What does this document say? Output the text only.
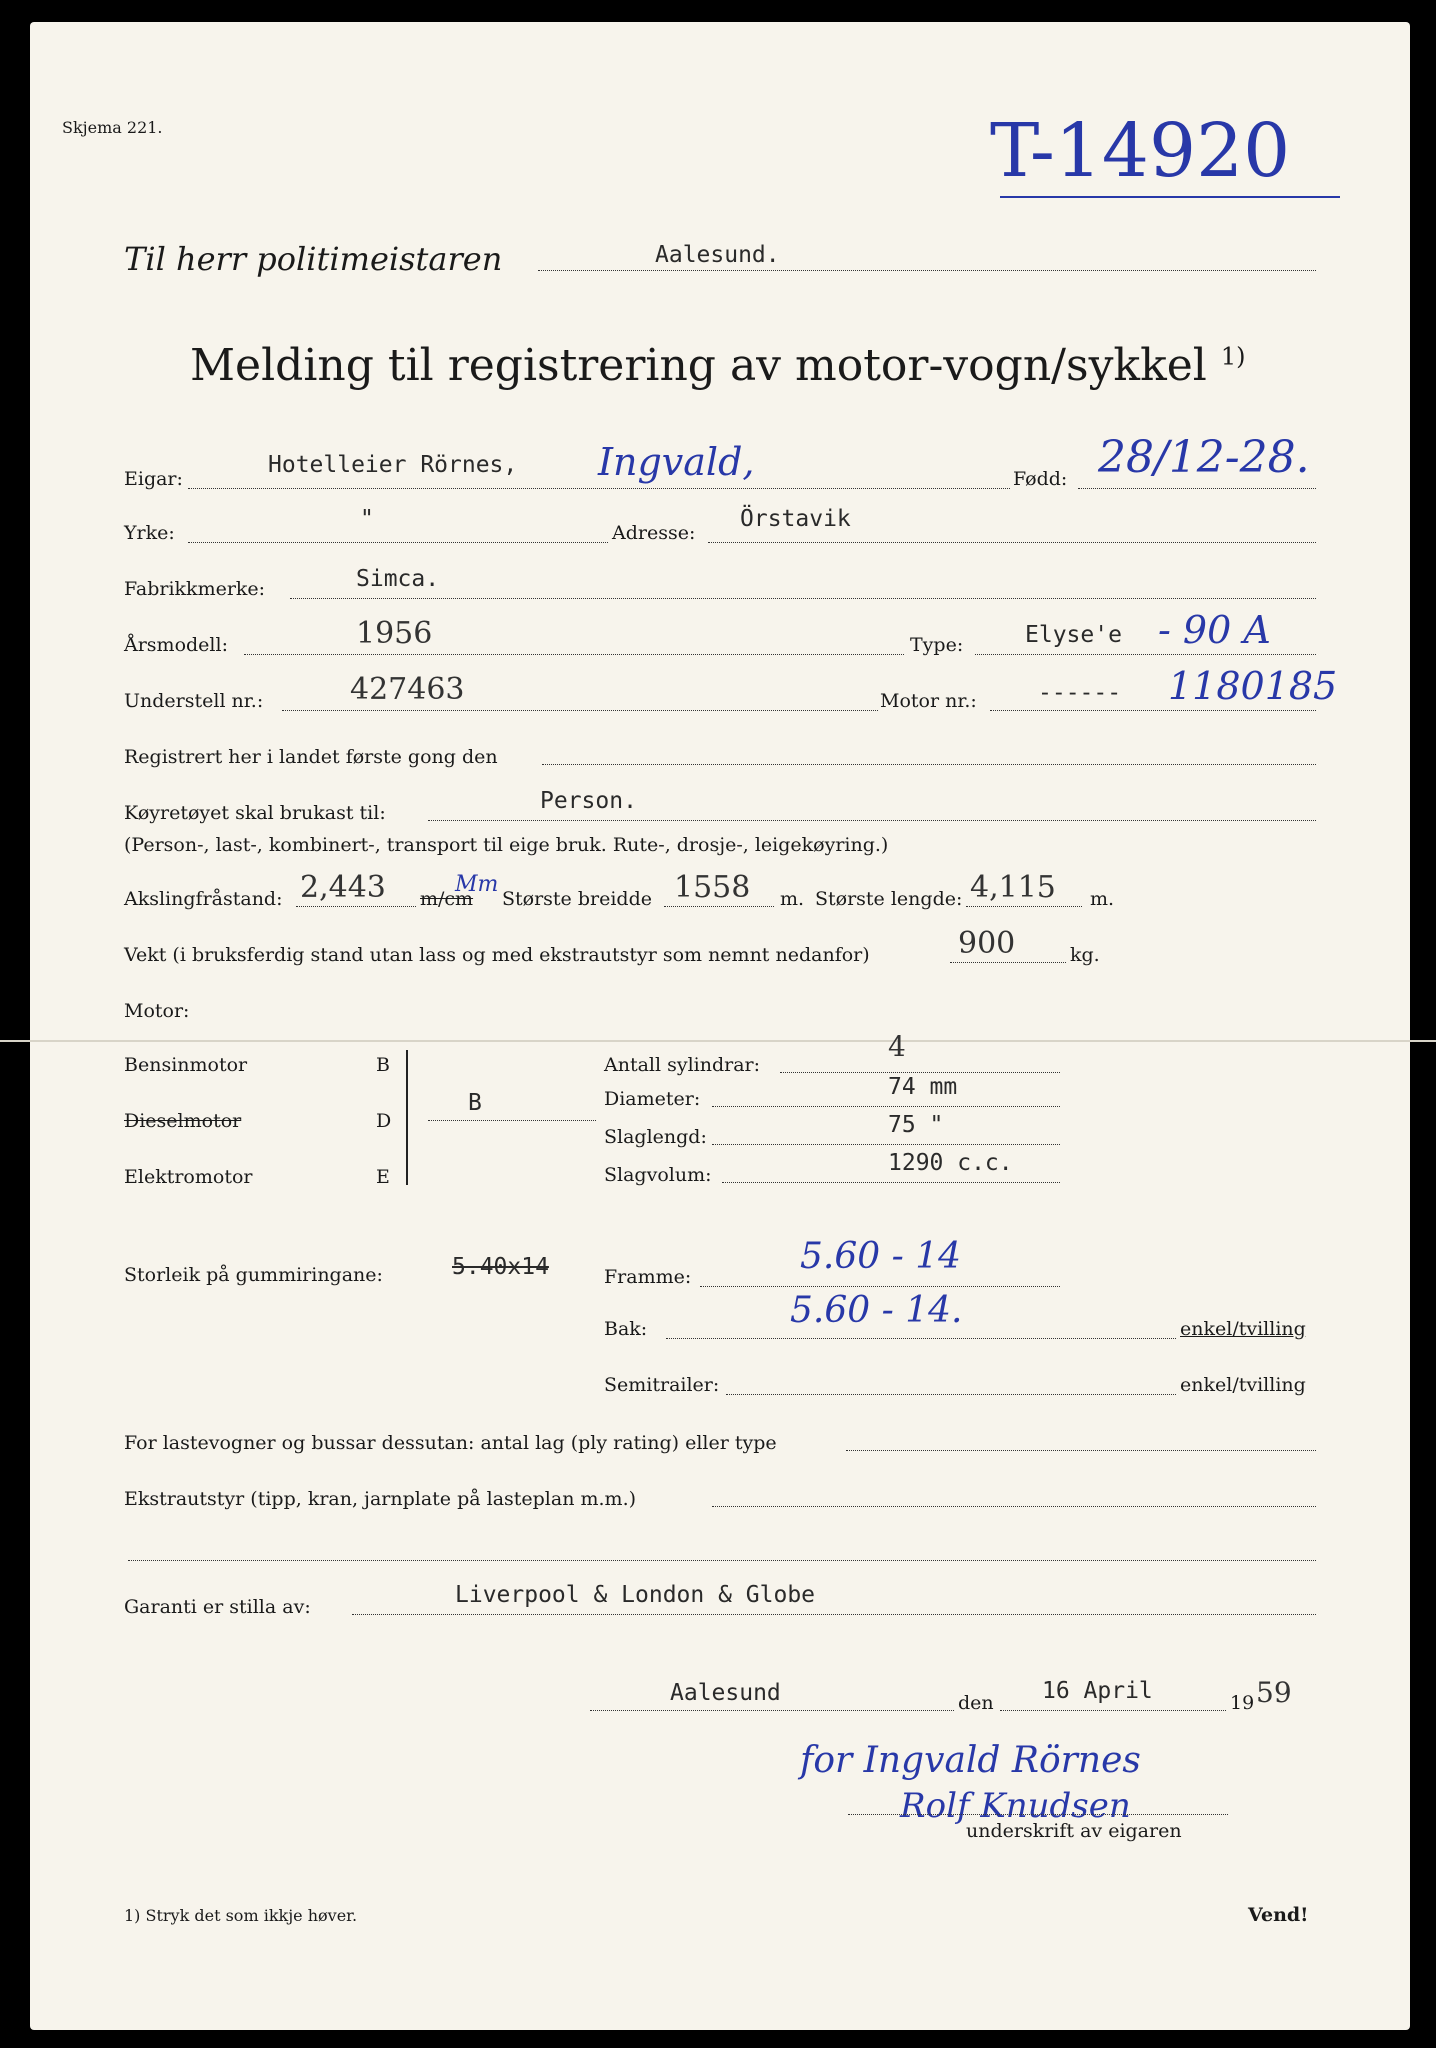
Skjema 221.	T-14920
Til herr politimeistaren	Aalesund.
Melding til registrering av motor-vogn/sykkel $^{1)}$
Eigar:
Hotelleier Rörnes, Ingvald,	Fødd: 28/12-28.
Yrke:
"
Adresse:
Örstavik
Fabrikkmerke:	Simca.
Årsmodell:	1956	Type:	Elyse'e - 90 A
Understell nr.:	427463	Motor nr.:	------ 1180185
Registrert her i landet første gong den
Køyretøyet skal brukast til:	Person.
(Person-, last-, kombinert-, transport til eige bruk. Rute-, drosje-, leigekøyring.)
Akslingfråstand: 2,443 m/cm
Mm
Største breidde 1558 m. Største lengde: 4,115 m.
Vekt (i bruksferdig stand utan lass og med ekstrautstyr som nemnt nedanfor)	900	kg.
Motor:
Bensinmotor	B
Dieselmotor	D
Elektromotor	E
B
Antall sylindrar:
4
Diameter:	74 mm
Slaglengd:	75 "
Slagvolum:	1290 c.c.
Storleik på gummiringane:	5.40x14	Framme:	5.60 - 14
Bak:	5.60 - 14.	enkel/tvilling
Semitrailer:	enkel/tvilling
For lastevogner og bussar dessutan: antal lag (ply rating) eller type
Ekstrautstyr (tipp, kran, jarnplate på lasteplan m.m.)
Garanti er stilla av:	Liverpool & London & Globe
Aalesund	den 16 April	19 59
for Ingvald Rörnes
Rolf Knudsen
underskrift av eigaren
1) Stryk det som ikkje høver.	Vend!
